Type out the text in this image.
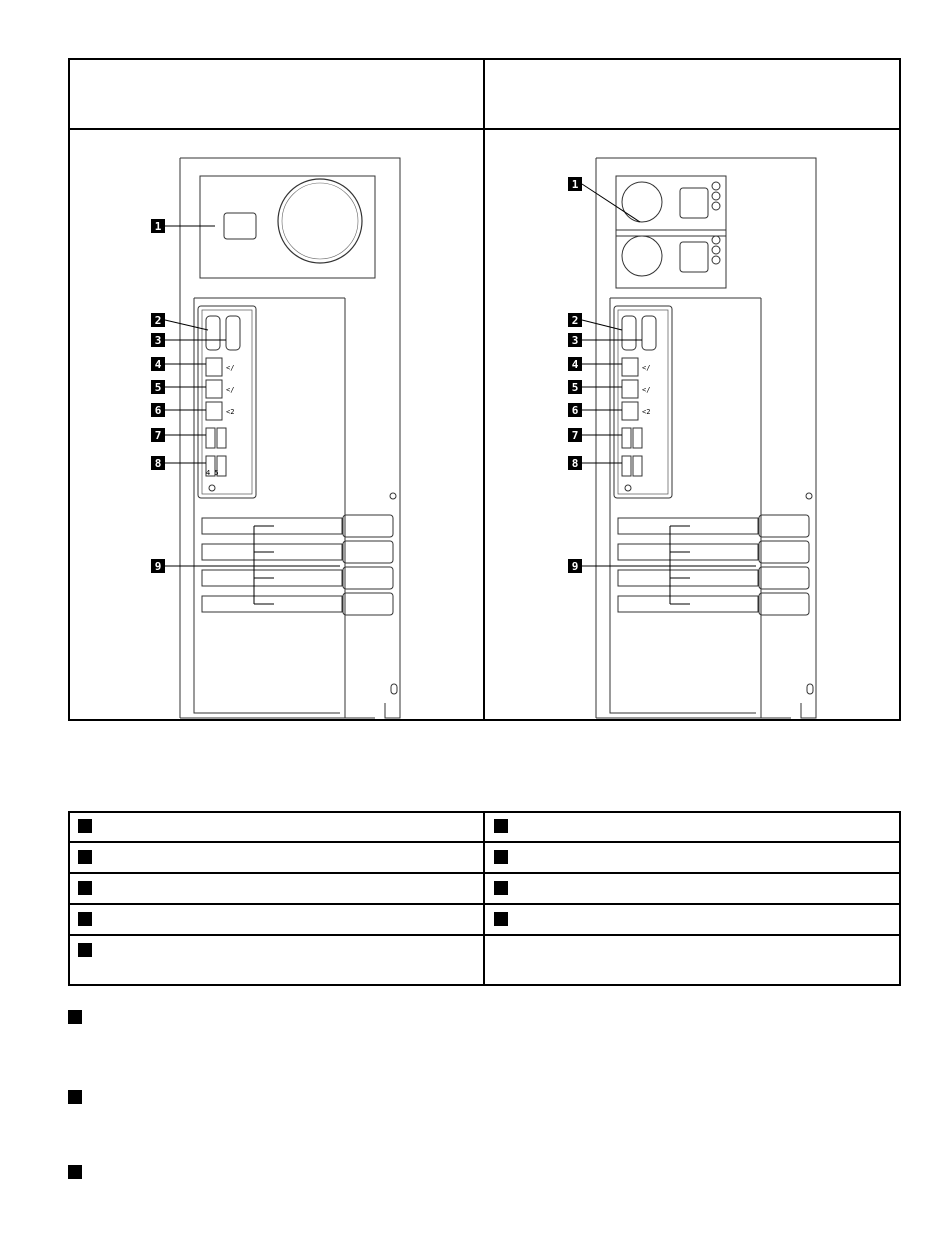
</
</
<2
4 5
1
2
3
4
5
6
7
8
9
1
2
3
4
5
6
7
8
9
